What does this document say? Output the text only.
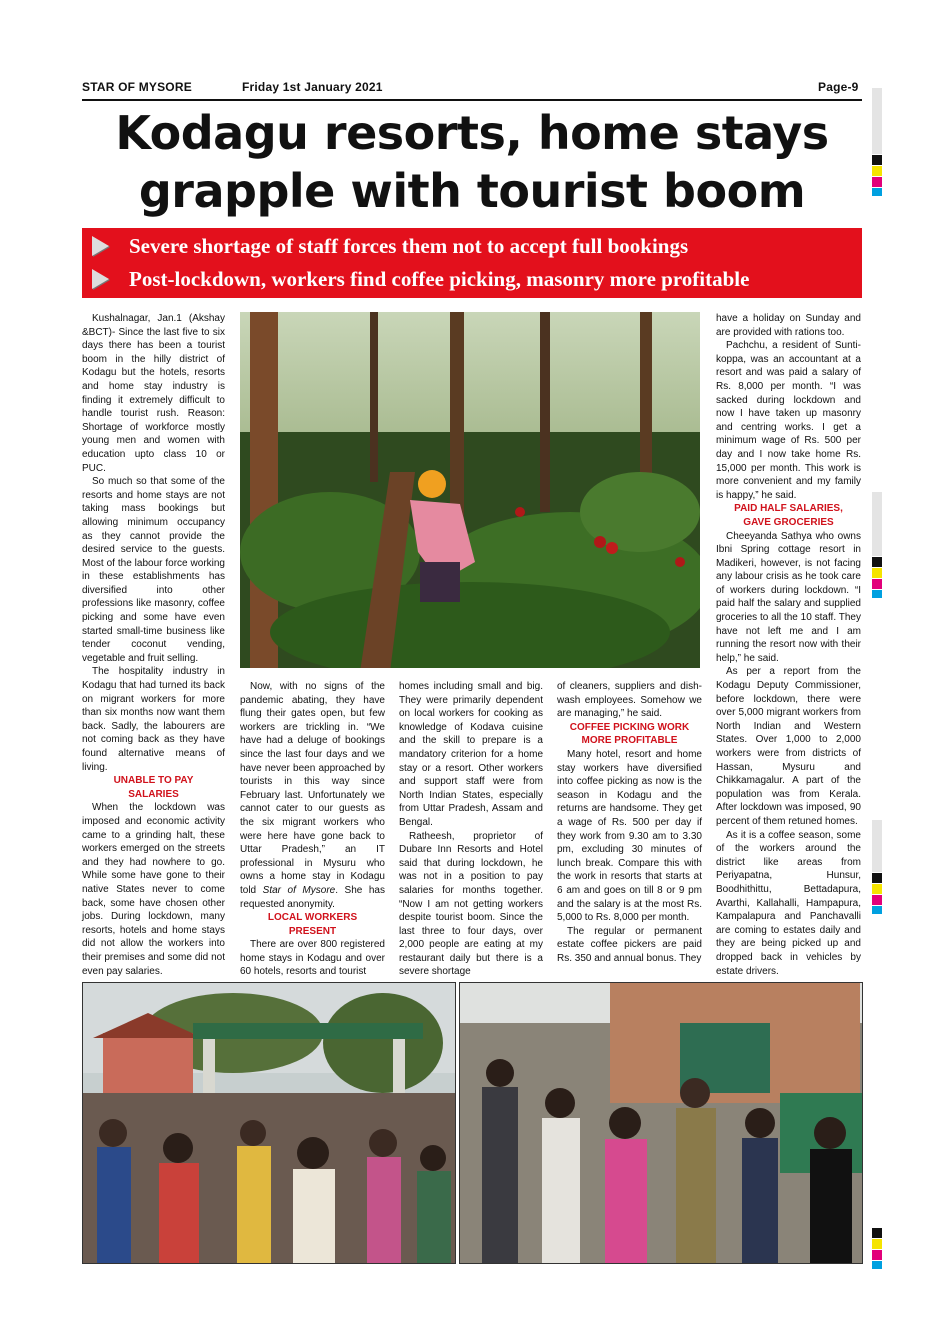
STAR OF MYSORE	Friday 1st January 2021	Page-9
Kodagu resorts, home stays
grapple with tourist boom
Severe shortage of staff forces them not to accept full bookings
Post-lockdown, workers find coffee picking, masonry more profitable

Kushalnagar, Jan.1 (Akshay &BCT)- Since the last five to six days there has been a tourist boom in the hilly district of Kodagu but the hotels, resorts and home stay industry is finding it extremely difficult to handle tourist rush. Reason: Shortage of workforce mostly young men and women with education upto class 10 or PUC.

So much so that some of the resorts and home stays are not taking mass bookings but allowing minimum occupancy as they cannot provide the desired service to the guests. Most of the labour force working in these establishments has diversified into other professions like masonry, coffee picking and some have even started small-time business like tender coconut vending, vegetable and fruit selling.

The hospitality industry in Kodagu that had turned its back on migrant workers for more than six months now want them back. Sadly, the labourers are not coming back as they have found alternative means of living.

UNABLE TO PAY
SALARIES

When the lockdown was imposed and economic activity came to a grinding halt, these workers emerged on the streets and they had nowhere to go. While some have gone to their native States never to come back, some have chosen other jobs. During lockdown, many resorts, hotels and home stays did not allow the workers into their premises and some did not even pay salaries.

Now, with no signs of the pandemic abating, they have flung their gates open, but few workers are trickling in. “We have had a deluge of bookings since the last four days and we have never been approached by tourists in this way since February last. Unfortunately we cannot cater to our guests as the six migrant workers who were here have gone back to Uttar Pradesh,” an IT professional in Mysuru who owns a home stay in Kodagu told Star of Mysore. She has requested anonymity.

LOCAL WORKERS
PRESENT

There are over 800 registered home stays in Kodagu and over 60 hotels, resorts and tourist

homes including small and big. They were primarily dependent on local workers for cooking as knowledge of Kodava cuisine and the skill to prepare is a mandatory criterion for a home stay or a resort. Other workers and support staff were from North Indian States, especially from Uttar Pradesh, Assam and Bengal.

Ratheesh, proprietor of Dubare Inn Resorts and Hotel said that during lockdown, he was not in a position to pay salaries for months together. “Now I am not getting workers despite tourist boom. Since the last three to four days, over 2,000 people are eating at my restaurant daily but there is a severe shortage

of cleaners, suppliers and dish-wash employees. Somehow we are managing,” he said.

COFFEE PICKING WORK
MORE PROFITABLE

Many hotel, resort and home stay workers have diversified into coffee picking as now is the season in Kodagu and the returns are handsome. They get a wage of Rs. 500 per day if they work from 9.30 am to 3.30 pm, excluding 30 minutes of lunch break. Compare this with the work in resorts that starts at 6 am and goes on till 8 or 9 pm and the salary is at the most Rs. 5,000 to Rs. 8,000 per month.

The regular or permanent estate coffee pickers are paid Rs. 350 and annual bonus. They

have a holiday on Sunday and are provided with rations too.

Pachchu, a resident of Sunti-koppa, was an accountant at a resort and was paid a salary of Rs. 8,000 per month. “I was sacked during lockdown and now I have taken up masonry and centring works. I get a minimum wage of Rs. 500 per day and I now take home Rs. 15,000 per month. This work is more convenient and my family is happy,” he said.

PAID HALF SALARIES,
GAVE GROCERIES

Cheeyanda Sathya who owns Ibni Spring cottage resort in Madikeri, however, is not facing any labour crisis as he took care of workers during lockdown. “I paid half the salary and supplied groceries to all the 10 staff. They have not left me and I am running the resort now with their help,” he said.

As per a report from the Kodagu Deputy Commissioner, before lockdown, there were over 5,000 migrant workers from North Indian and Western States. Over 1,000 to 2,000 workers were from districts of Hassan, Mysuru and Chikkamagalur. A part of the population was from Kerala. After lockdown was imposed, 90 percent of them retuned homes.

As it is a coffee season, some of the workers around the district like areas from Periyapatna, Hunsur, Boodhithittu, Bettadapura, Avarthi, Kallahalli, Hampapura, Kampalapura and Panchavalli are coming to estates daily and they are being picked up and dropped back in vehicles by estate drivers.
